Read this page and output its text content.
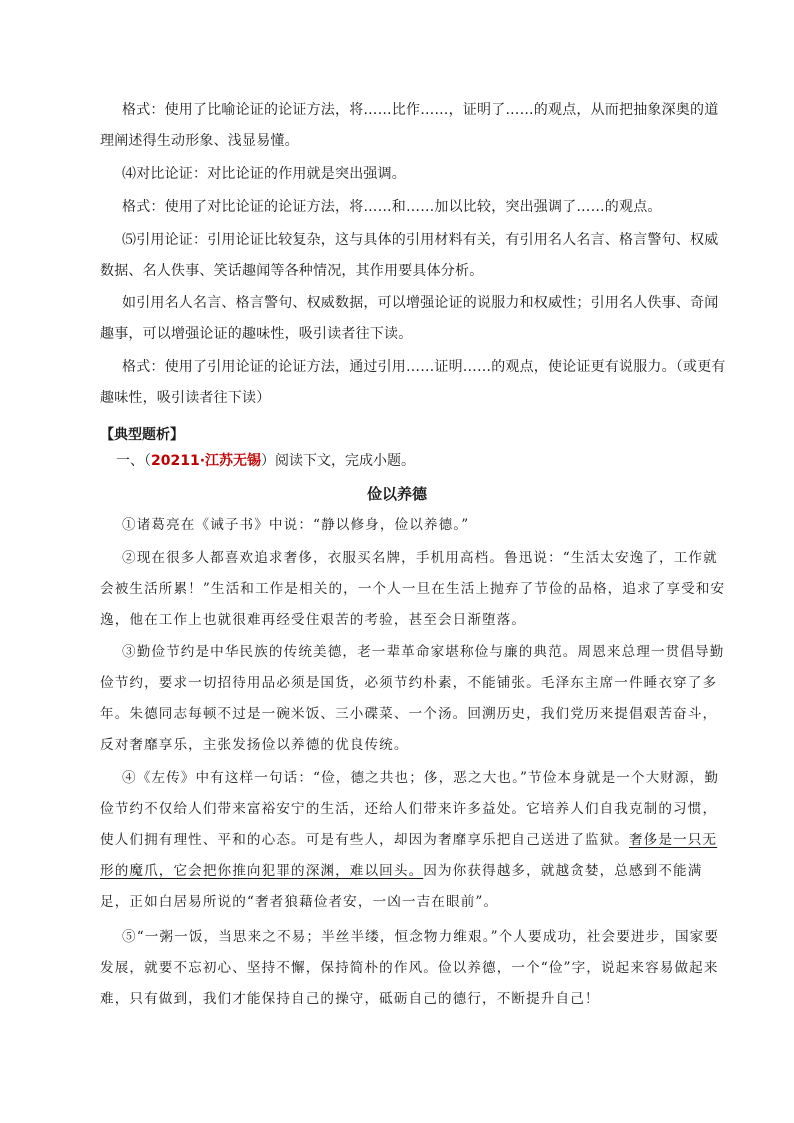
格式：使用了比喻论证的论证方法，将……比作……，证明了……的观点，从而把抽象深奥的道理阐述得生动形象、浅显易懂。

⑷对比论证：对比论证的作用就是突出强调。

格式：使用了对比论证的论证方法，将……和……加以比较，突出强调了……的观点。

⑸引用论证：引用论证比较复杂，这与具体的引用材料有关，有引用名人名言、格言警句、权威数据、名人佚事、笑话趣闻等各种情况，其作用要具体分析。

如引用名人名言、格言警句、权威数据，可以增强论证的说服力和权威性；引用名人佚事、奇闻趣事，可以增强论证的趣味性，吸引读者往下读。

格式：使用了引用论证的论证方法，通过引用……证明……的观点，使论证更有说服力。（或更有趣味性，吸引读者往下读）

【典型题析】

一、（20211·江苏无锡）阅读下文，完成小题。

俭以养德

①诸葛亮在《诫子书》中说：“静以修身，俭以养德。”

②现在很多人都喜欢追求奢侈，衣服买名牌，手机用高档。鲁迅说：“生活太安逸了，工作就会被生活所累！”生活和工作是相关的，一个人一旦在生活上抛弃了节俭的品格，追求了享受和安逸，他在工作上也就很难再经受住艰苦的考验，甚至会日渐堕落。

③勤俭节约是中华民族的传统美德，老一辈革命家堪称俭与廉的典范。周恩来总理一贯倡导勤俭节约，要求一切招待用品必须是国货，必须节约朴素，不能铺张。毛泽东主席一件睡衣穿了多年。朱德同志每顿不过是一碗米饭、三小碟菜、一个汤。回溯历史，我们党历来提倡艰苦奋斗，反对奢靡享乐，主张发扬俭以养德的优良传统。

④《左传》中有这样一句话：“俭，德之共也；侈，恶之大也。”节俭本身就是一个大财源，勤俭节约不仅给人们带来富裕安宁的生活，还给人们带来许多益处。它培养人们自我克制的习惯，使人们拥有理性、平和的心态。可是有些人，却因为奢靡享乐把自己送进了监狱。奢侈是一只无形的魔爪，它会把你推向犯罪的深渊，难以回头。因为你获得越多，就越贪婪，总感到不能满足，正如白居易所说的“奢者狼藉俭者安，一凶一吉在眼前”。

⑤“一粥一饭，当思来之不易；半丝半缕，恒念物力维艰。”个人要成功，社会要进步，国家要发展，就要不忘初心、坚持不懈，保持简朴的作风。俭以养德，一个“俭”字，说起来容易做起来难，只有做到，我们才能保持自己的操守，砥砺自己的德行，不断提升自己！
